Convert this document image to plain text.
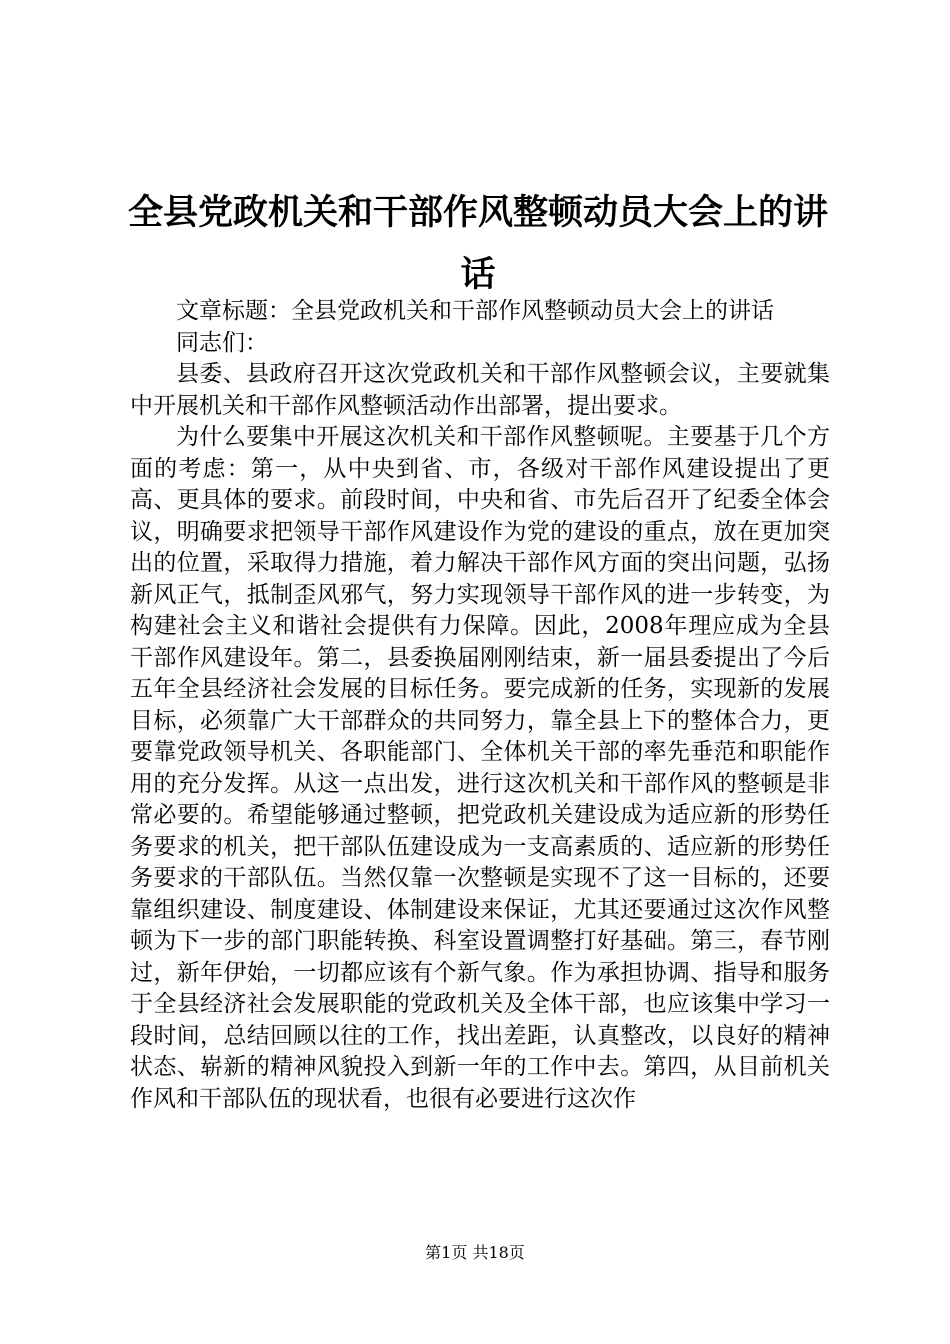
全县党政机关和干部作风整顿动员大会上的讲话

文章标题：全县党政机关和干部作风整顿动员大会上的讲话

同志们：

县委、县政府召开这次党政机关和干部作风整顿会议，主要就集中开展机关和干部作风整顿活动作出部署，提出要求。

为什么要集中开展这次机关和干部作风整顿呢。主要基于几个方面的考虑：第一，从中央到省、市，各级对干部作风建设提出了更高、更具体的要求。前段时间，中央和省、市先后召开了纪委全体会议，明确要求把领导干部作风建设作为党的建设的重点，放在更加突出的位置，采取得力措施，着力解决干部作风方面的突出问题，弘扬新风正气，抵制歪风邪气，努力实现领导干部作风的进一步转变，为构建社会主义和谐社会提供有力保障。因此，2008年理应成为全县干部作风建设年。第二，县委换届刚刚结束，新一届县委提出了今后五年全县经济社会发展的目标任务。要完成新的任务，实现新的发展目标，必须靠广大干部群众的共同努力，靠全县上下的整体合力，更要靠党政领导机关、各职能部门、全体机关干部的率先垂范和职能作用的充分发挥。从这一点出发，进行这次机关和干部作风的整顿是非常必要的。希望能够通过整顿，把党政机关建设成为适应新的形势任务要求的机关，把干部队伍建设成为一支高素质的、适应新的形势任务要求的干部队伍。当然仅靠一次整顿是实现不了这一目标的，还要靠组织建设、制度建设、体制建设来保证，尤其还要通过这次作风整顿为下一步的部门职能转换、科室设置调整打好基础。第三，春节刚过，新年伊始，一切都应该有个新气象。作为承担协调、指导和服务于全县经济社会发展职能的党政机关及全体干部，也应该集中学习一段时间，总结回顾以往的工作，找出差距，认真整改，以良好的精神状态、崭新的精神风貌投入到新一年的工作中去。第四，从目前机关作风和干部队伍的现状看，也很有必要进行这次作

第1页 共18页
